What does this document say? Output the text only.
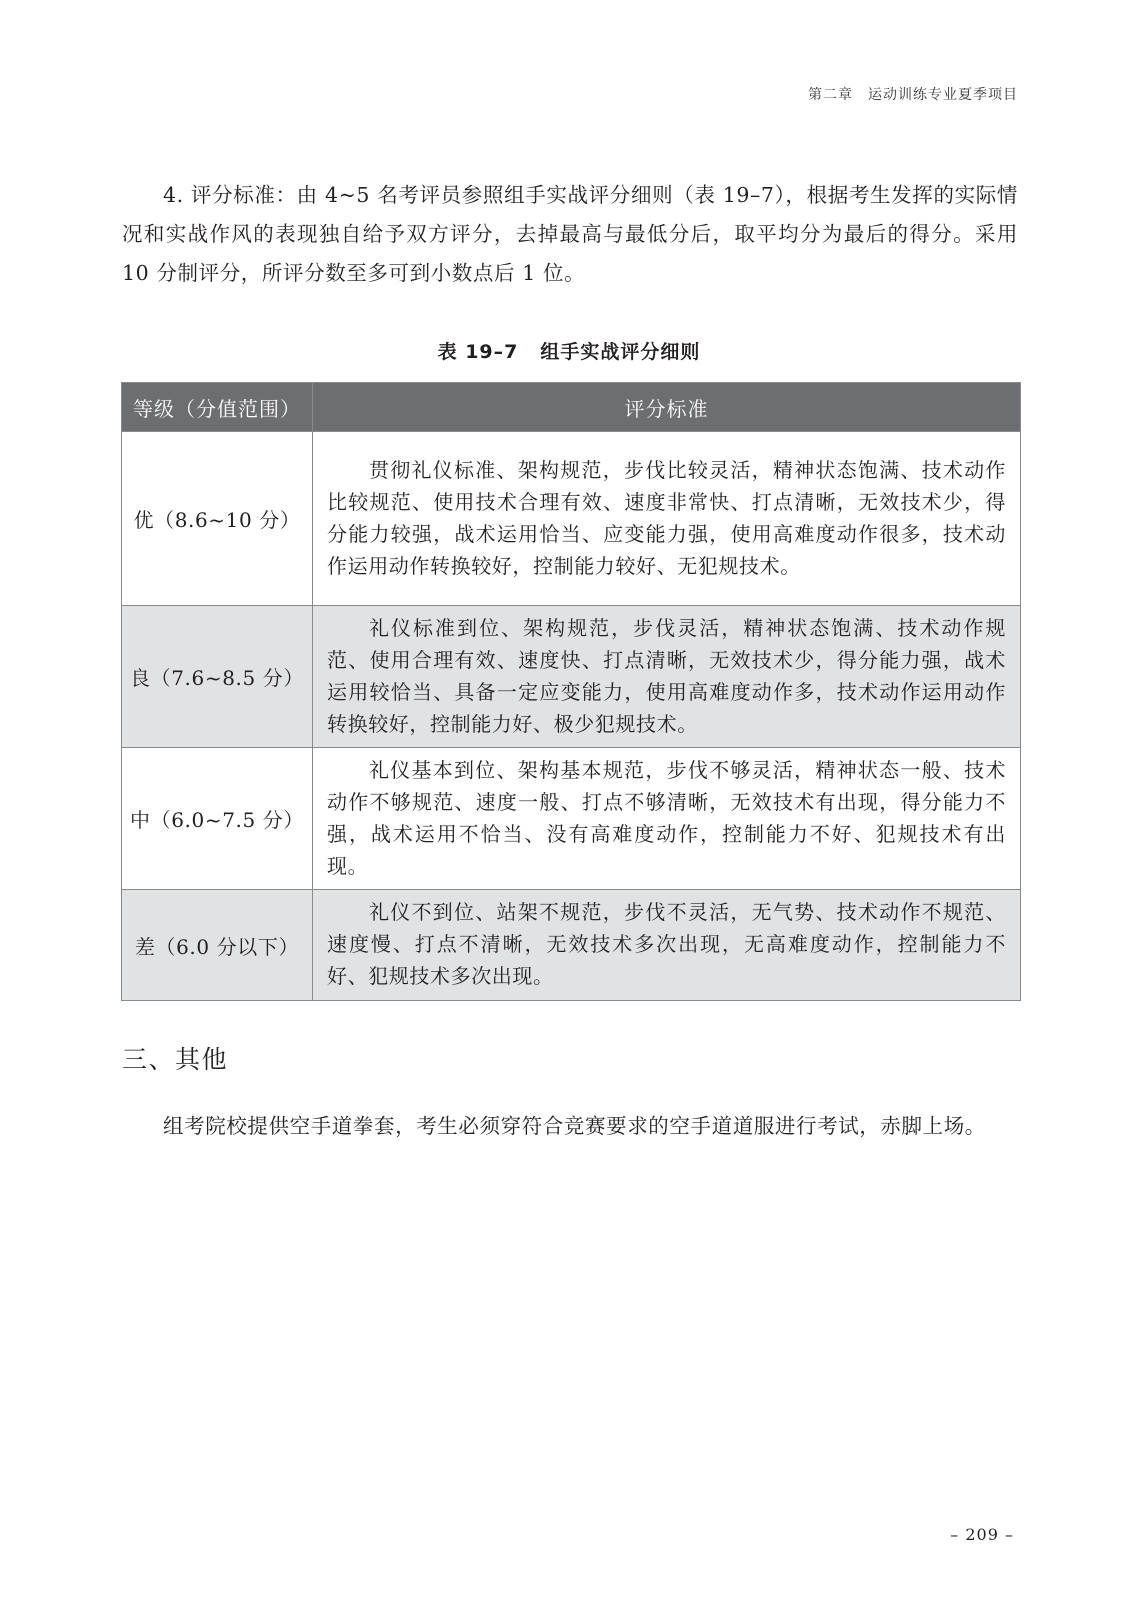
第二章　运动训练专业夏季项目

4. 评分标准：由 4~5 名考评员参照组手实战评分细则（表 19–7），根据考生发挥的实际情况和实战作风的表现独自给予双方评分，去掉最高与最低分后，取平均分为最后的得分。采用 10 分制评分，所评分数至多可到小数点后 1 位。

表 19–7 组手实战评分细则
等级（分值范围）	评分标准
优（8.6~10 分）	贯彻礼仪标准、架构规范，步伐比较灵活，精神状态饱满、技术动作比较规范、使用技术合理有效、速度非常快、打点清晰，无效技术少，得分能力较强，战术运用恰当、应变能力强，使用高难度动作很多，技术动作运用动作转换较好，控制能力较好、无犯规技术。
良（7.6~8.5 分）	礼仪标准到位、架构规范，步伐灵活，精神状态饱满、技术动作规范、使用合理有效、速度快、打点清晰，无效技术少，得分能力强，战术运用较恰当、具备一定应变能力，使用高难度动作多，技术动作运用动作转换较好，控制能力好、极少犯规技术。
中（6.0~7.5 分）	礼仪基本到位、架构基本规范，步伐不够灵活，精神状态一般、技术动作不够规范、速度一般、打点不够清晰，无效技术有出现，得分能力不强，战术运用不恰当、没有高难度动作，控制能力不好、犯规技术有出现。
差（6.0 分以下）	礼仪不到位、站架不规范，步伐不灵活，无气势、技术动作不规范、速度慢、打点不清晰，无效技术多次出现，无高难度动作，控制能力不好、犯规技术多次出现。
三、其他

组考院校提供空手道拳套，考生必须穿符合竞赛要求的空手道道服进行考试，赤脚上场。

– 209 –
